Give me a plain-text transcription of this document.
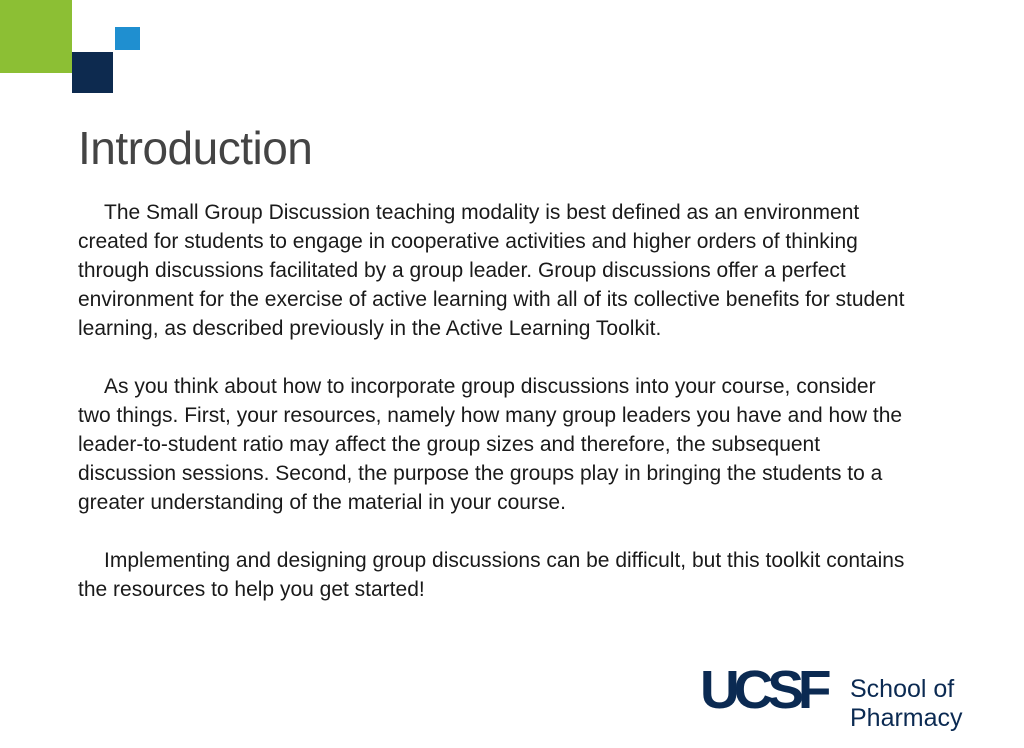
Introduction

The Small Group Discussion teaching modality is best defined as an environment created for students to engage in cooperative activities and higher orders of thinking through discussions facilitated by a group leader. Group discussions offer a perfect environment for the exercise of active learning with all of its collective benefits for student learning, as described previously in the Active Learning Toolkit.

As you think about how to incorporate group discussions into your course, consider two things. First, your resources, namely how many group leaders you have and how the leader-to-student ratio may affect the group sizes and therefore, the subsequent discussion sessions. Second, the purpose the groups play in bringing the students to a greater understanding of the material in your course.

Implementing and designing group discussions can be difficult, but this toolkit contains the resources to help you get started!

UCSF School of
Pharmacy
